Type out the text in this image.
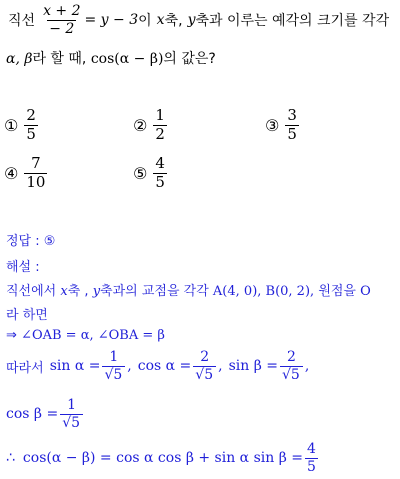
직선 $\frac{x + 2}{- 2} = y - 3$ 이 x 축, y 축과 이루는 예각의 크기를 각각
α, β라 할 때, cos(α − β)의 값은?
① $\frac{2}{5}$	② $\frac{1}{2}$	③ $\frac{3}{5}$
④ $\frac{7}{10}$	⑤ $\frac{4}{5}$
정답 : ⑤
해설 :
직선에서 x축 , y축과의 교점을 각각 A(4, 0), B(0, 2), 원점을 O
라 하면
⇒ ∠OAB = α, ∠OBA = β
따라서 $\sin \alpha = \frac{1}{√5}$ , $\cos \alpha = \frac{2}{√5}$ , $\sin \beta = \frac{2}{√5}$ ,
$\cos \beta = \frac{1}{√5}$
∴ cos(α − β) = cos α cos β + sin α $\sin \beta = \frac{4}{5}$
